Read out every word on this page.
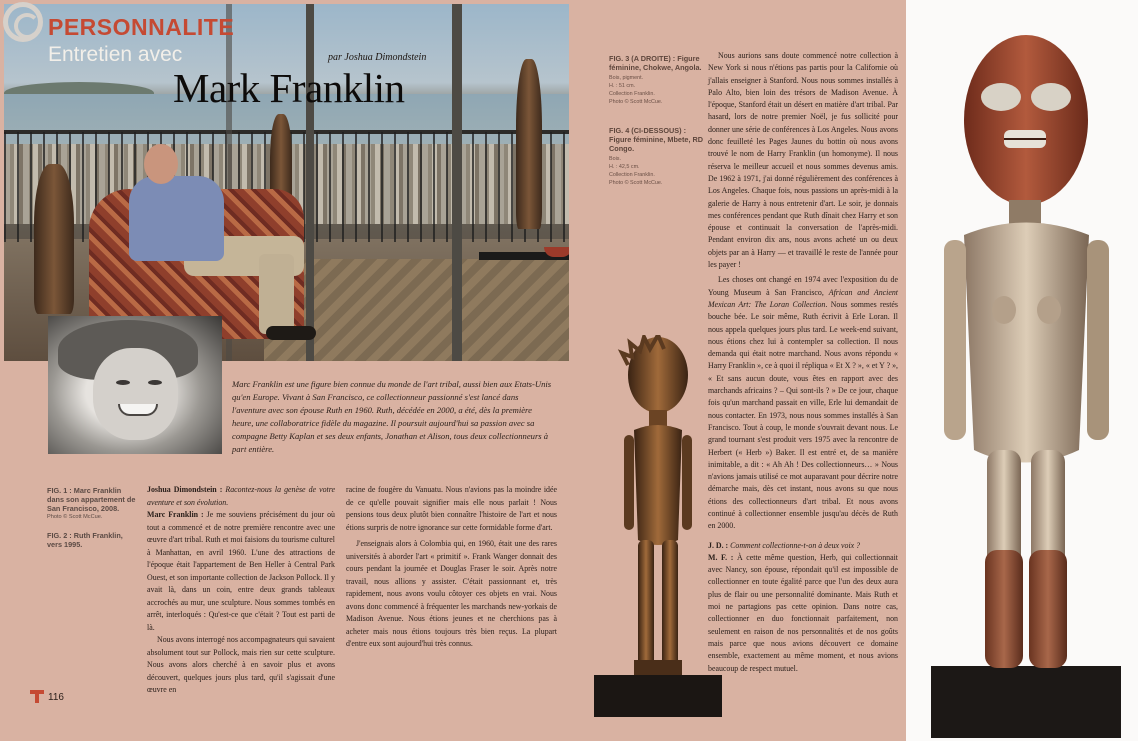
PERSONNALITE
Entretien avec	par Joshua Dimondstein
Mark Franklin
Marc Franklin est une figure bien connue du monde de l'art tribal, aussi bien aux Etats-Unis qu'en Europe. Vivant à San Francisco, ce collectionneur passionné s'est lancé dans l'aventure avec son épouse Ruth en 1960. Ruth, décédée en 2000, a été, dès la première heure, une collaboratrice fidèle du magazine. Il poursuit aujourd'hui sa passion avec sa compagne Betty Kaplan et ses deux enfants, Jonathan et Alison, tous deux collectionneurs à part entière.
FIG. 1 : Marc Franklin dans son appartement de San Francisco, 2008.
Photo © Scott McCue.
FIG. 2 : Ruth Franklin, vers 1995.

Joshua Dimondstein : Racontez-nous la genèse de votre aventure et son évolution.

Marc Franklin : Je me souviens précisément du jour où tout a commencé et de notre première rencontre avec une œuvre d'art tribal. Ruth et moi faisions du tourisme culturel à Manhattan, en avril 1960. L'une des attractions de l'époque était l'appartement de Ben Heller à Central Park Ouest, et son importante collection de Jackson Pollock. Il y avait là, dans un coin, entre deux grands tableaux accrochés au mur, une sculpture. Nous sommes tombés en arrêt, interloqués : Qu'est-ce que c'était ? Tout est parti de là.

Nous avons interrogé nos accompagnateurs qui savaient absolument tout sur Pollock, mais rien sur cette sculpture. Nous avons alors cherché à en savoir plus et avons découvert, quelques jours plus tard, qu'il s'agissait d'une œuvre en

racine de fougère du Vanuatu. Nous n'avions pas la moindre idée de ce qu'elle pouvait signifier mais elle nous parlait ! Nous pensions tous deux plutôt bien connaître l'histoire de l'art et nous étions surpris de notre ignorance sur cette formidable forme d'art.

J'enseignais alors à Colombia qui, en 1960, était une des rares universités à aborder l'art « primitif ». Frank Wanger donnait des cours pendant la journée et Douglas Fraser le soir. Après notre travail, nous allions y assister. C'était passionnant et, très rapidement, nous avons voulu côtoyer ces objets en vrai. Nous avons donc commencé à fréquenter les marchands new-yorkais de Madison Avenue. Nous étions jeunes et ne cherchions pas à acheter mais nous étions toujours très bien reçus. La plupart d'entre eux sont aujourd'hui très connus.

116
FIG. 3 (A DROITE) : Figure féminine, Chokwe, Angola.
Bois, pigment.
H. : 51 cm.
Collection Franklin.
Photo © Scott McCue.
FIG. 4 (CI-DESSOUS) : Figure féminine, Mbete, RD Congo.
Bois.
H. : 42,5 cm.
Collection Franklin.
Photo © Scott McCue.

Nous aurions sans doute commencé notre collection à New York si nous n'étions pas partis pour la Californie où j'allais enseigner à Stanford. Nous nous sommes installés à Palo Alto, bien loin des trésors de Madison Avenue. À l'époque, Stanford était un désert en matière d'art tribal. Par hasard, lors de notre premier Noël, je fus sollicité pour donner une série de conférences à Los Angeles. Nous avons donc feuilleté les Pages Jaunes du bottin où nous avons trouvé le nom de Harry Franklin (un homonyme). Il nous réserva le meilleur accueil et nous sommes devenus amis. De 1962 à 1971, j'ai donné régulièrement des conférences à Los Angeles. Chaque fois, nous passions un après-midi à la galerie de Harry à nous entretenir d'art. Le soir, je donnais mes conférences pendant que Ruth dînait chez Harry et son épouse et continuait la conversation de l'après-midi. Pendant environ dix ans, nous avons acheté un ou deux objets par an à Harry — et travaillé le reste de l'année pour les payer !

Les choses ont changé en 1974 avec l'exposition du de Young Museum à San Francisco, African and Ancient Mexican Art: The Loran Collection. Nous sommes restés bouche bée. Le soir même, Ruth écrivit à Erle Loran. Il nous appela quelques jours plus tard. Le week-end suivant, nous étions chez lui à contempler sa collection. Il nous demanda qui était notre marchand. Nous avons répondu « Harry Franklin », ce à quoi il répliqua « Et X ? », « et Y ? », « Et sans aucun doute, vous êtes en rapport avec des marchands africains ? – Qui sont-ils ? » De ce jour, chaque fois qu'un marchand passait en ville, Erle lui demandait de nous contacter. En 1973, nous nous sommes installés à San Francisco. Tout à coup, le monde s'ouvrait devant nous. Le grand tournant s'est produit vers 1975 avec la rencontre de Herbert (« Herb ») Baker. Il est entré et, de sa manière inimitable, a dit : « Ah Ah ! Des collectionneurs… » Nous n'avions jamais utilisé ce mot auparavant pour décrire notre démarche mais, dès cet instant, nous avons su que nous étions des collectionneurs d'art tribal. Et nous avons continué à collectionner ensemble jusqu'au décès de Ruth en 2000.

J. D. : Comment collectionne-t-on à deux voix ?

M. F. : À cette même question, Herb, qui collectionnait avec Nancy, son épouse, répondait qu'il est impossible de collectionner en toute égalité parce que l'un des deux aura plus de flair ou une personnalité dominante. Mais Ruth et moi ne partagions pas cette opinion. Dans notre cas, collectionner en duo fonctionnait parfaitement, non seulement en raison de nos personnalités et de nos goûts mais parce que nous avions découvert ce domaine ensemble, exactement au même moment, et nous avions beaucoup de respect mutuel.
